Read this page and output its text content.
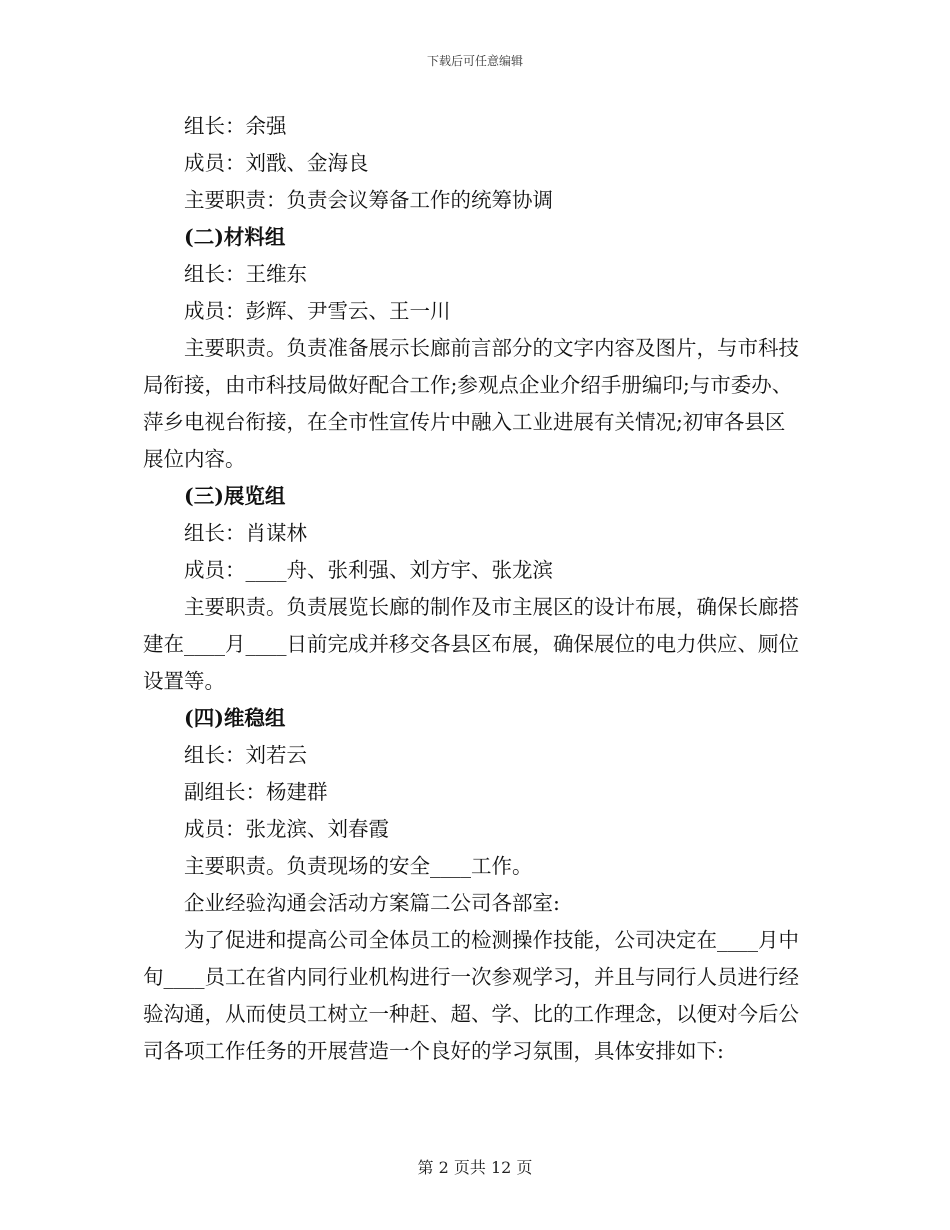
下载后可任意编辑

组长：余强

成员：刘戬、金海良

主要职责：负责会议筹备工作的统筹协调

(二)材料组

组长：王维东

成员：彭辉、尹雪云、王一川

主要职责。负责准备展示长廊前言部分的文字内容及图片，与市科技局衔接，由市科技局做好配合工作;参观点企业介绍手册编印;与市委办、萍乡电视台衔接，在全市性宣传片中融入工业进展有关情况;初审各县区展位内容。

(三)展览组

组长：肖谋林

成员：____舟、张利强、刘方宇、张龙滨

主要职责。负责展览长廊的制作及市主展区的设计布展，确保长廊搭建在____月____日前完成并移交各县区布展，确保展位的电力供应、厕位设置等。

(四)维稳组

组长：刘若云

副组长：杨建群

成员：张龙滨、刘春霞

主要职责。负责现场的安全____工作。

企业经验沟通会活动方案篇二公司各部室:

为了促进和提高公司全体员工的检测操作技能，公司决定在____月中旬____员工在省内同行业机构进行一次参观学习，并且与同行人员进行经验沟通，从而使员工树立一种赶、超、学、比的工作理念，以便对今后公司各项工作任务的开展营造一个良好的学习氛围，具体安排如下:

第 2 页共 12 页
